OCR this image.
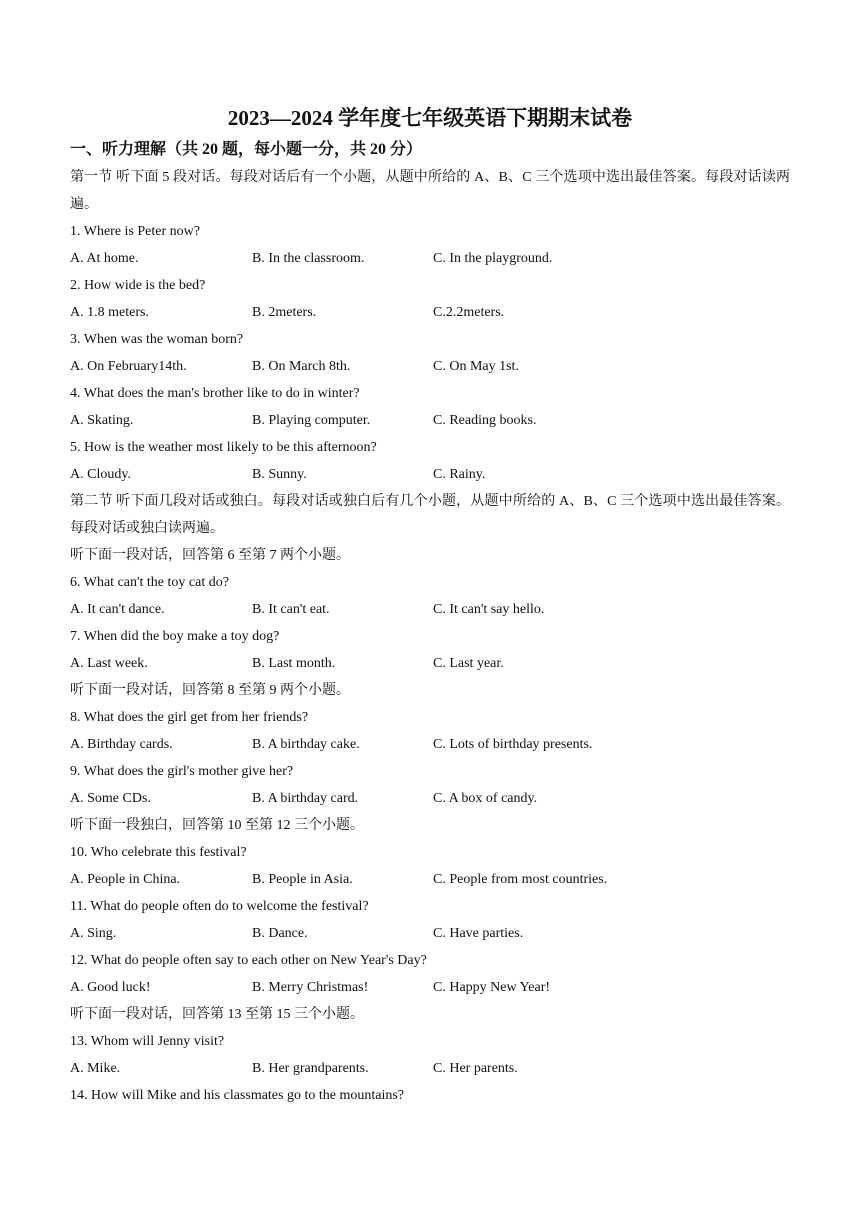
2023—2024 学年度七年级英语下期期末试卷
一、听力理解（共 20 题，每小题一分，共 20 分）
第一节 听下面 5 段对话。每段对话后有一个小题，从题中所给的 A、B、C 三个选项中选出最佳答案。每段对话读两遍。
1. Where is Peter now?
A. At home.	B. In the classroom.	C. In the playground.
2. How wide is the bed?
A. 1.8 meters.	B. 2meters.	C.2.2meters.
3. When was the woman born?
A. On February14th.	B. On March 8th.	C. On May 1st.
4. What does the man's brother like to do in winter?
A. Skating.	B. Playing computer.	C. Reading books.
5. How is the weather most likely to be this afternoon?
A. Cloudy.	B. Sunny.	C. Rainy.
第二节 听下面几段对话或独白。每段对话或独白后有几个小题，从题中所给的 A、B、C 三个选项中选出最佳答案。每段对话或独白读两遍。
听下面一段对话，回答第 6 至第 7 两个小题。
6. What can't the toy cat do?
A. It can't dance.	B. It can't eat.	C. It can't say hello.
7. When did the boy make a toy dog?
A. Last week.	B. Last month.	C. Last year.
听下面一段对话，回答第 8 至第 9 两个小题。
8. What does the girl get from her friends?
A. Birthday cards.	B. A birthday cake.	C. Lots of birthday presents.
9. What does the girl's mother give her?
A. Some CDs.	B. A birthday card.	C. A box of candy.
听下面一段独白，回答第 10 至第 12 三个小题。
10. Who celebrate this festival?
A. People in China.	B. People in Asia.	C. People from most countries.
11. What do people often do to welcome the festival?
A. Sing.	B. Dance.	C. Have parties.
12. What do people often say to each other on New Year's Day?
A. Good luck!	B. Merry Christmas!	C. Happy New Year!
听下面一段对话，回答第 13 至第 15 三个小题。
13. Whom will Jenny visit?
A. Mike.	B. Her grandparents.	C. Her parents.
14. How will Mike and his classmates go to the mountains?
